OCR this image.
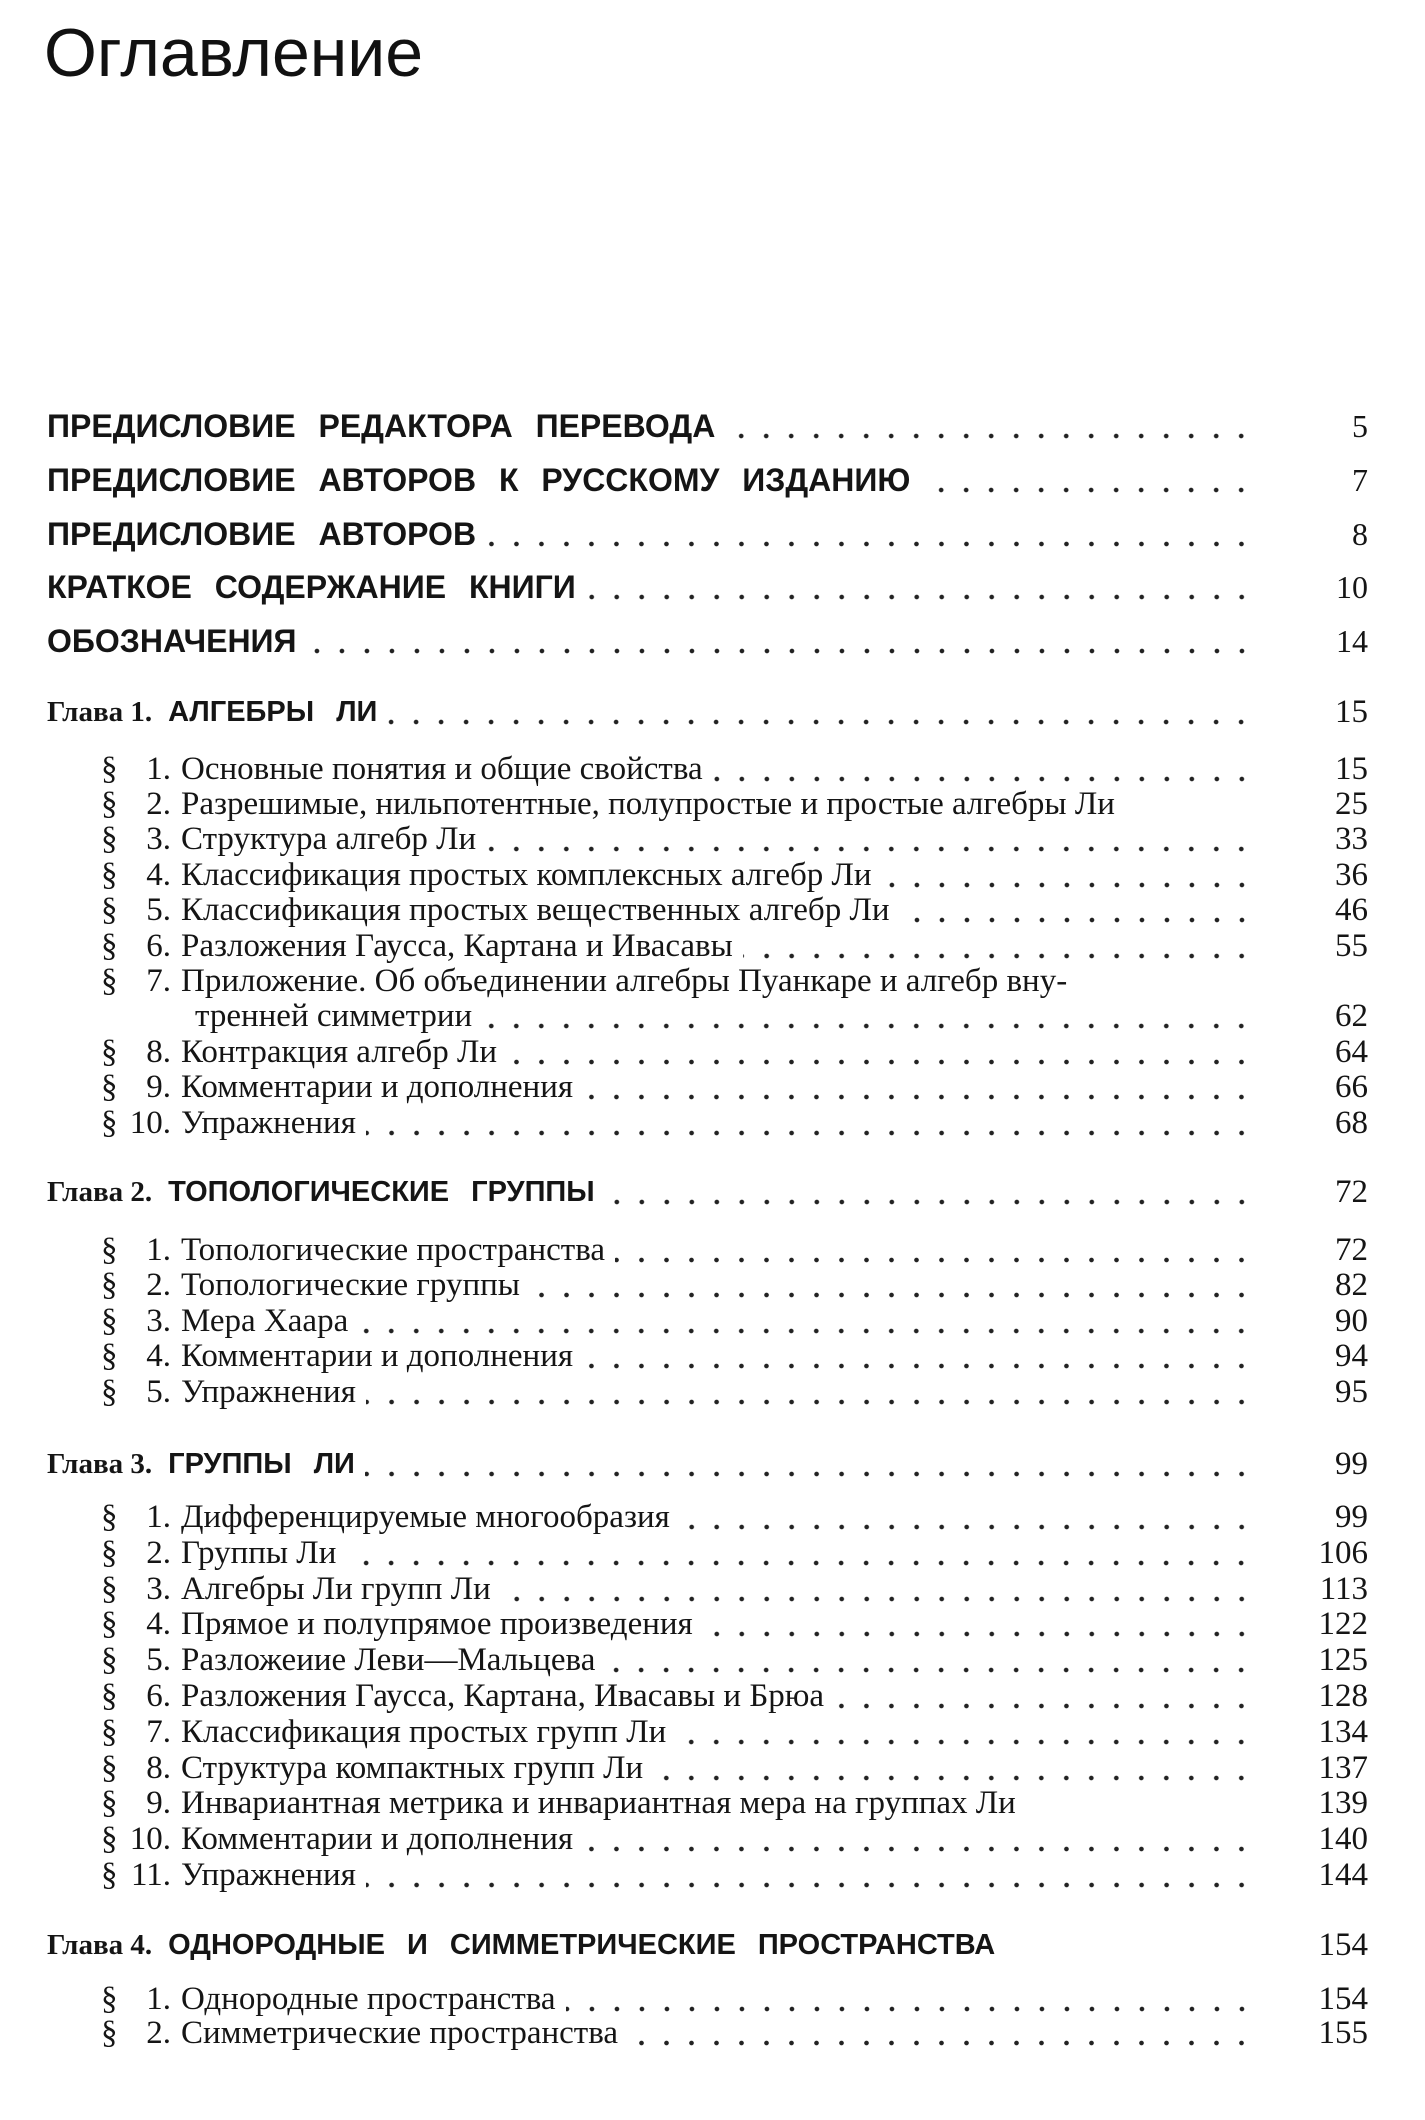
Оглавление
ПРЕДИСЛОВИЕ РЕДАКТОРА ПЕРЕВОДА	5
ПРЕДИСЛОВИЕ АВТОРОВ К РУССКОМУ ИЗДАНИЮ	7
ПРЕДИСЛОВИЕ АВТОРОВ	8
КРАТКОЕ СОДЕРЖАНИЕ КНИГИ	10
ОБОЗНАЧЕНИЯ	14
Глава 1. АЛГЕБРЫ ЛИ	15
§ 1. Основные понятия и общие свойства	15
§ 2. Разрешимые, нильпотентные, полупростые и простые алгебры Ли	25
§ 3. Структура алгебр Ли	33
§ 4. Классификация простых комплексных алгебр Ли	36
§ 5. Классификация простых вещественных алгебр Ли	46
§ 6. Разложения Гаусса, Картана и Ивасавы	55
§ 7. Приложение. Об объединении алгебры Пуанкаре и алгебр вну-
тренней симметрии	62
§ 8. Контракция алгебр Ли	64
§ 9. Комментарии и дополнения	66
§ 10. Упражнения	68
Глава 2. ТОПОЛОГИЧЕСКИЕ ГРУППЫ	72
§ 1. Топологические пространства	72
§ 2. Топологические группы	82
§ 3. Мера Хаара	90
§ 4. Комментарии и дополнения	94
§ 5. Упражнения	95
Глава 3. ГРУППЫ ЛИ	99
§ 1. Дифференцируемые многообразия	99
§ 2. Группы Ли	106
§ 3. Алгебры Ли групп Ли	113
§ 4. Прямое и полупрямое произведения	122
§ 5. Разложеиие Леви—Мальцева	125
§ 6. Разложения Гаусса, Картана, Ивасавы и Брюа	128
§ 7. Классификация простых групп Ли	134
§ 8. Структура компактных групп Ли	137
§ 9. Инвариантная метрика и инвариантная мера на группах Ли	139
§ 10. Комментарии и дополнения	140
§ 11. Упражнения	144
Глава 4. ОДНОРОДНЫЕ И СИММЕТРИЧЕСКИЕ ПРОСТРАНСТВА	154
§ 1. Однородные пространства	154
§ 2. Симметрические пространства	155
